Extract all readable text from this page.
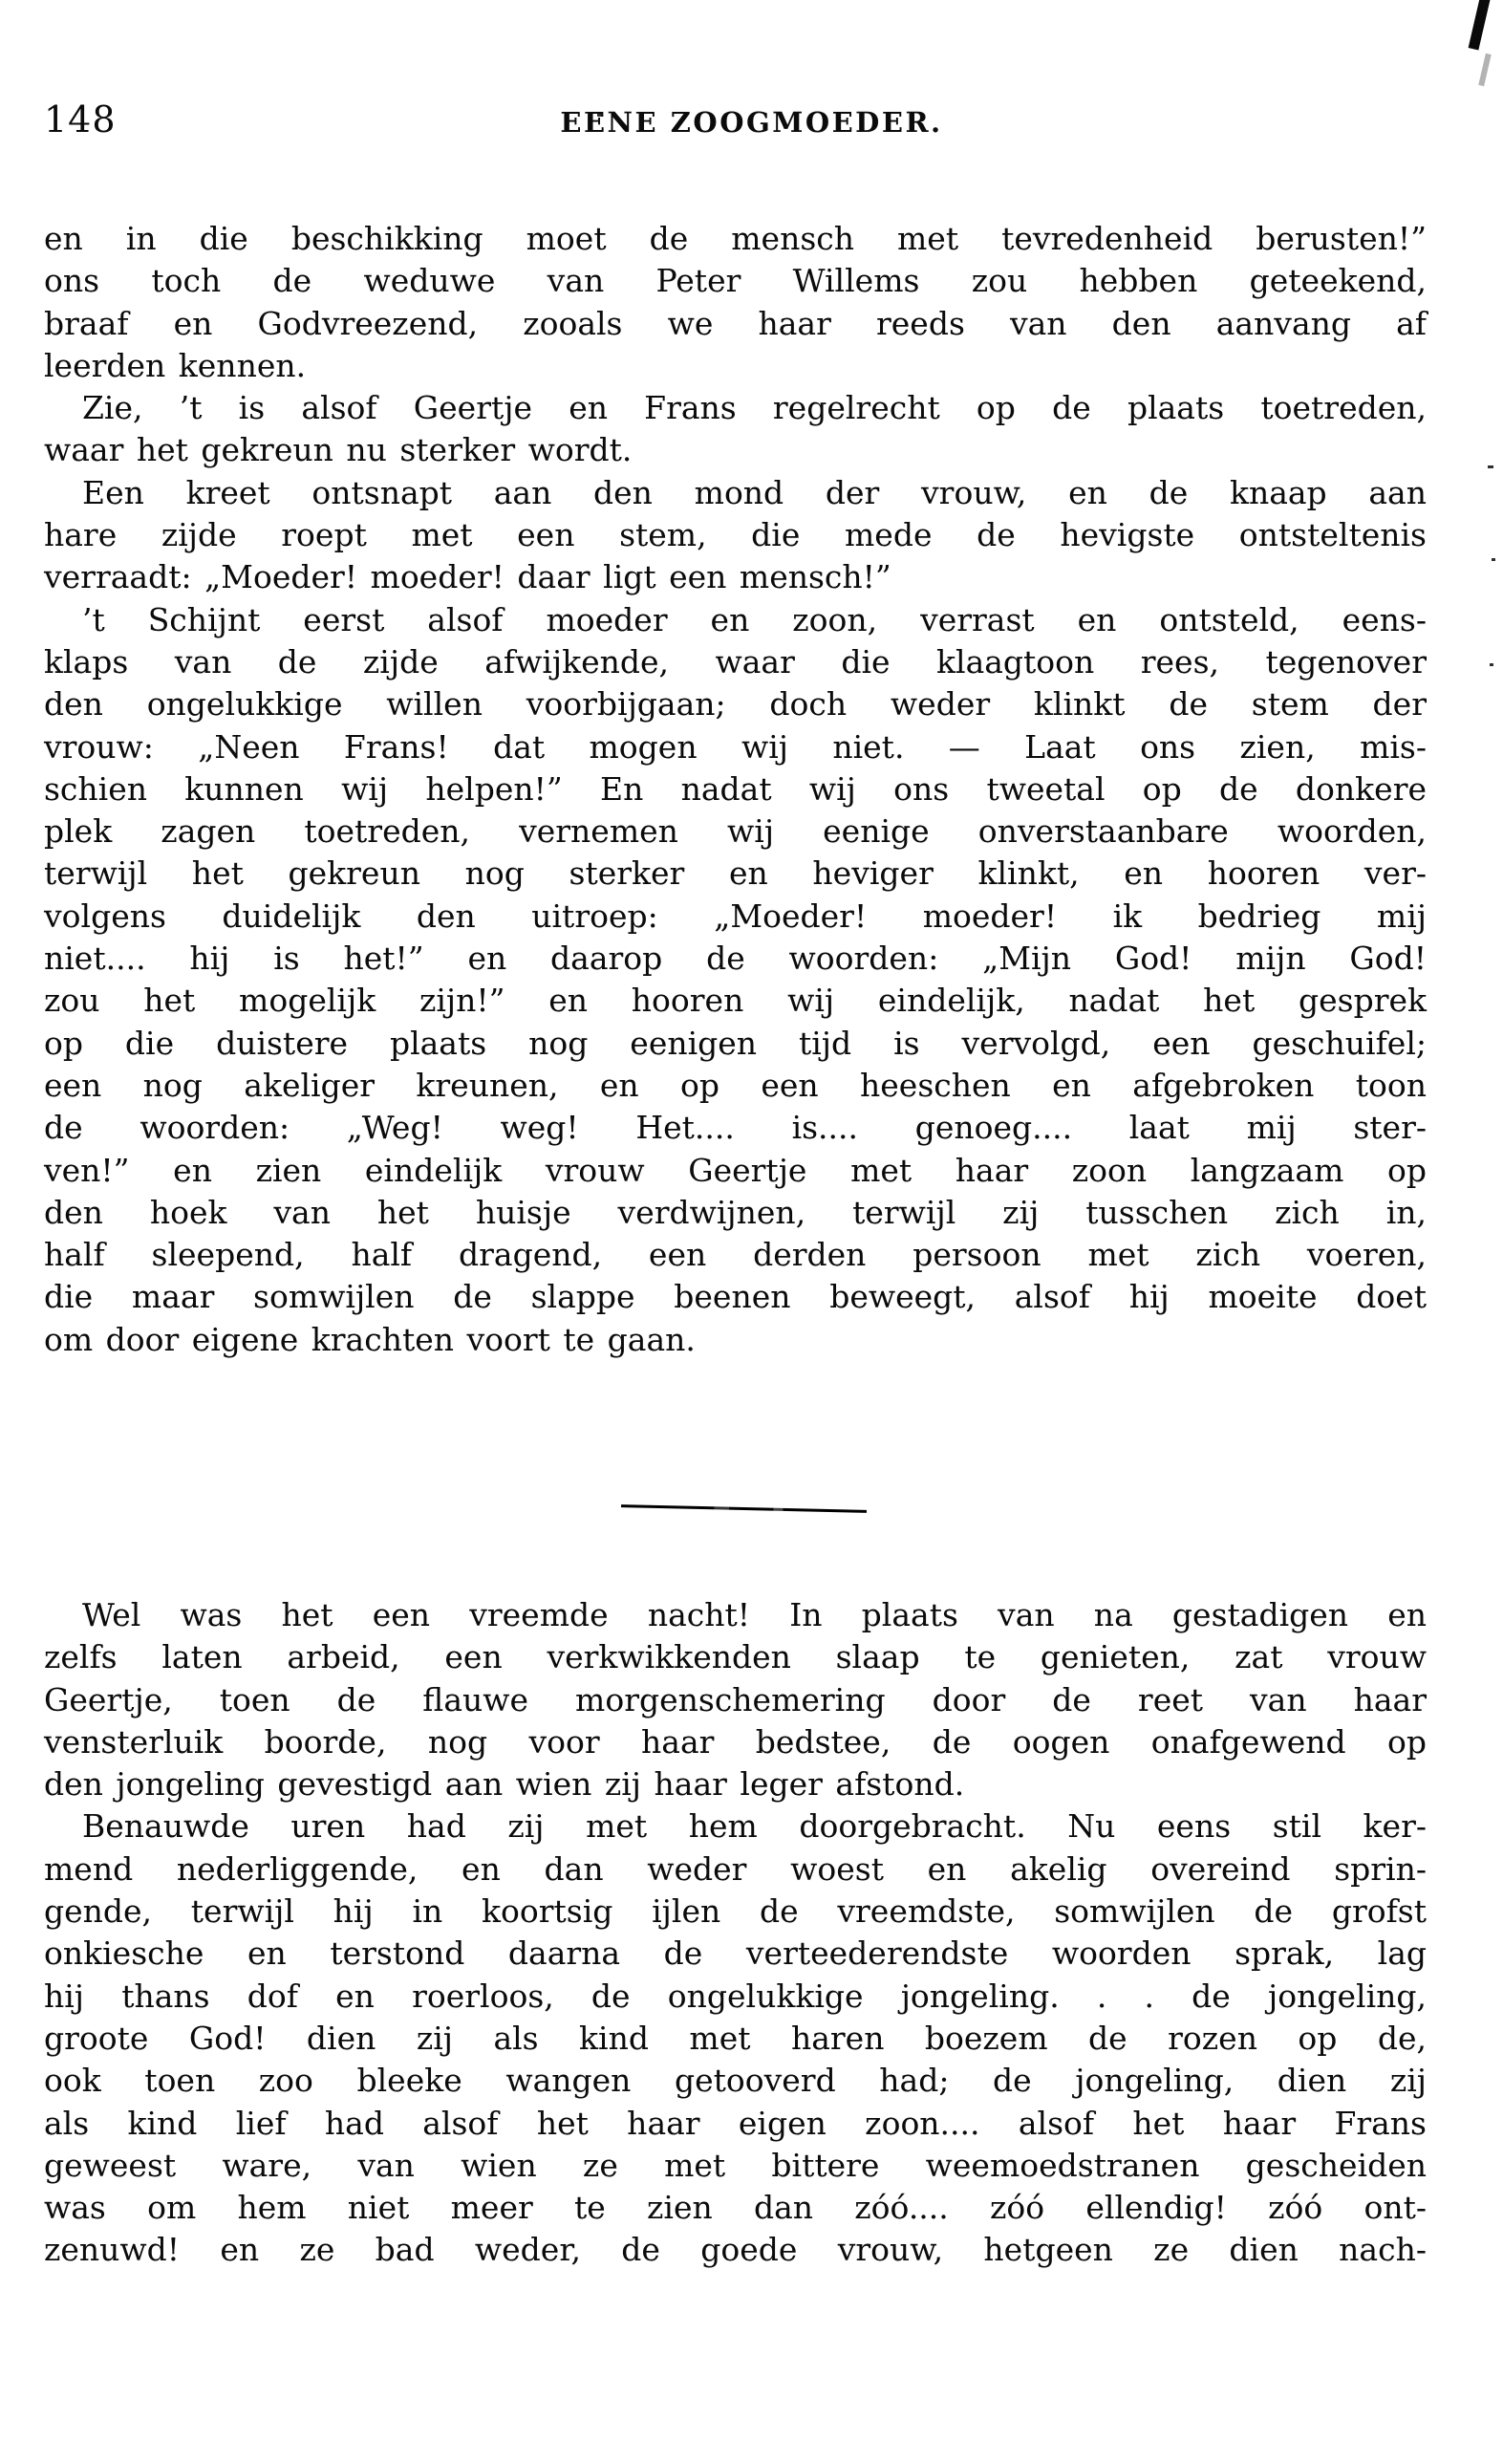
148	EENE ZOOGMOEDER.
en in die beschikking moet de mensch met tevredenheid berusten!”
ons toch de weduwe van Peter Willems zou hebben geteekend,
braaf en Godvreezend, zooals we haar reeds van den aanvang af
leerden kennen.
Zie, ’t is alsof Geertje en Frans regelrecht op de plaats toetreden,
waar het gekreun nu sterker wordt.
Een kreet ontsnapt aan den mond der vrouw, en de knaap aan
hare zijde roept met een stem, die mede de hevigste ontsteltenis
verraadt: „Moeder! moeder! daar ligt een mensch!”
’t Schijnt eerst alsof moeder en zoon, verrast en ontsteld, eens-
klaps van de zijde afwijkende, waar die klaagtoon rees, tegenover
den ongelukkige willen voorbijgaan; doch weder klinkt de stem der
vrouw: „Neen Frans! dat mogen wij niet. — Laat ons zien, mis-
schien kunnen wij helpen!” En nadat wij ons tweetal op de donkere
plek zagen toetreden, vernemen wij eenige onverstaanbare woorden,
terwijl het gekreun nog sterker en heviger klinkt, en hooren ver-
volgens duidelijk den uitroep: „Moeder! moeder! ik bedrieg mij
niet.... hij is het!” en daarop de woorden: „Mijn God! mijn God!
zou het mogelijk zijn!” en hooren wij eindelijk, nadat het gesprek
op die duistere plaats nog eenigen tijd is vervolgd, een geschuifel;
een nog akeliger kreunen, en op een heeschen en afgebroken toon
de woorden: „Weg! weg! Het.... is.... genoeg.... laat mij ster-
ven!” en zien eindelijk vrouw Geertje met haar zoon langzaam op
den hoek van het huisje verdwijnen, terwijl zij tusschen zich in,
half sleepend, half dragend, een derden persoon met zich voeren,
die maar somwijlen de slappe beenen beweegt, alsof hij moeite doet
om door eigene krachten voort te gaan.
Wel was het een vreemde nacht! In plaats van na gestadigen en
zelfs laten arbeid, een verkwikkenden slaap te genieten, zat vrouw
Geertje, toen de flauwe morgenschemering door de reet van haar
vensterluik boorde, nog voor haar bedstee, de oogen onafgewend op
den jongeling gevestigd aan wien zij haar leger afstond.
Benauwde uren had zij met hem doorgebracht. Nu eens stil ker-
mend nederliggende, en dan weder woest en akelig overeind sprin-
gende, terwijl hij in koortsig ijlen de vreemdste, somwijlen de grofst
onkiesche en terstond daarna de verteederendste woorden sprak, lag
hij thans dof en roerloos, de ongelukkige jongeling. . . de jongeling,
groote God! dien zij als kind met haren boezem de rozen op de,
ook toen zoo bleeke wangen getooverd had; de jongeling, dien zij
als kind lief had alsof het haar eigen zoon.... alsof het haar Frans
geweest ware, van wien ze met bittere weemoedstranen gescheiden
was om hem niet meer te zien dan zóó.... zóó ellendig! zóó ont-
zenuwd! en ze bad weder, de goede vrouw, hetgeen ze dien nach-
